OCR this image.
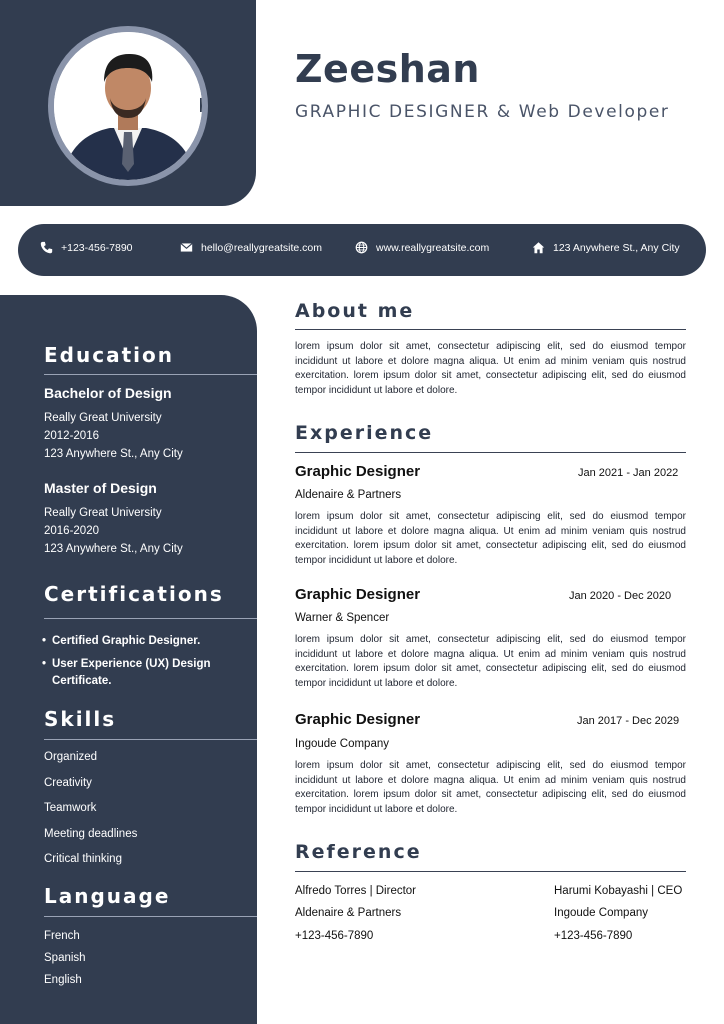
Zeeshan
GRAPHIC DESIGNER & Web Developer
+123-456-7890	hello@reallygreatsite.com	www.reallygreatsite.com	123 Anywhere St., Any City
Education
Bachelor of Design
Really Great University
2012-2016
123 Anywhere St., Any City
Master of Design
Really Great University
2016-2020
123 Anywhere St., Any City
Certifications
• Certified Graphic Designer.
• User Experience (UX) Design
Certificate.
Skills
Organized
Creativity
Teamwork
Meeting deadlines
Critical thinking
Language
French
Spanish
English
About me
lorem ipsum dolor sit amet, consectetur adipiscing elit, sed do eiusmod tempor incididunt ut labore et dolore magna aliqua. Ut enim ad minim veniam quis nostrud exercitation. lorem ipsum dolor sit amet, consectetur adipiscing elit, sed do eiusmod tempor incididunt ut labore et dolore.
Experience
Graphic Designer	Jan 2021 - Jan 2022
Aldenaire & Partners
lorem ipsum dolor sit amet, consectetur adipiscing elit, sed do eiusmod tempor incididunt ut labore et dolore magna aliqua. Ut enim ad minim veniam quis nostrud exercitation. lorem ipsum dolor sit amet, consectetur adipiscing elit, sed do eiusmod tempor incididunt ut labore et dolore.
Graphic Designer	Jan 2020 - Dec 2020
Warner & Spencer
lorem ipsum dolor sit amet, consectetur adipiscing elit, sed do eiusmod tempor incididunt ut labore et dolore magna aliqua. Ut enim ad minim veniam quis nostrud exercitation. lorem ipsum dolor sit amet, consectetur adipiscing elit, sed do eiusmod tempor incididunt ut labore et dolore.
Graphic Designer	Jan 2017 - Dec 2029
Ingoude Company
lorem ipsum dolor sit amet, consectetur adipiscing elit, sed do eiusmod tempor incididunt ut labore et dolore magna aliqua. Ut enim ad minim veniam quis nostrud exercitation. lorem ipsum dolor sit amet, consectetur adipiscing elit, sed do eiusmod tempor incididunt ut labore et dolore.
Reference
Alfredo Torres | Director
Aldenaire & Partners
+123-456-7890
Harumi Kobayashi | CEO
Ingoude Company
+123-456-7890
